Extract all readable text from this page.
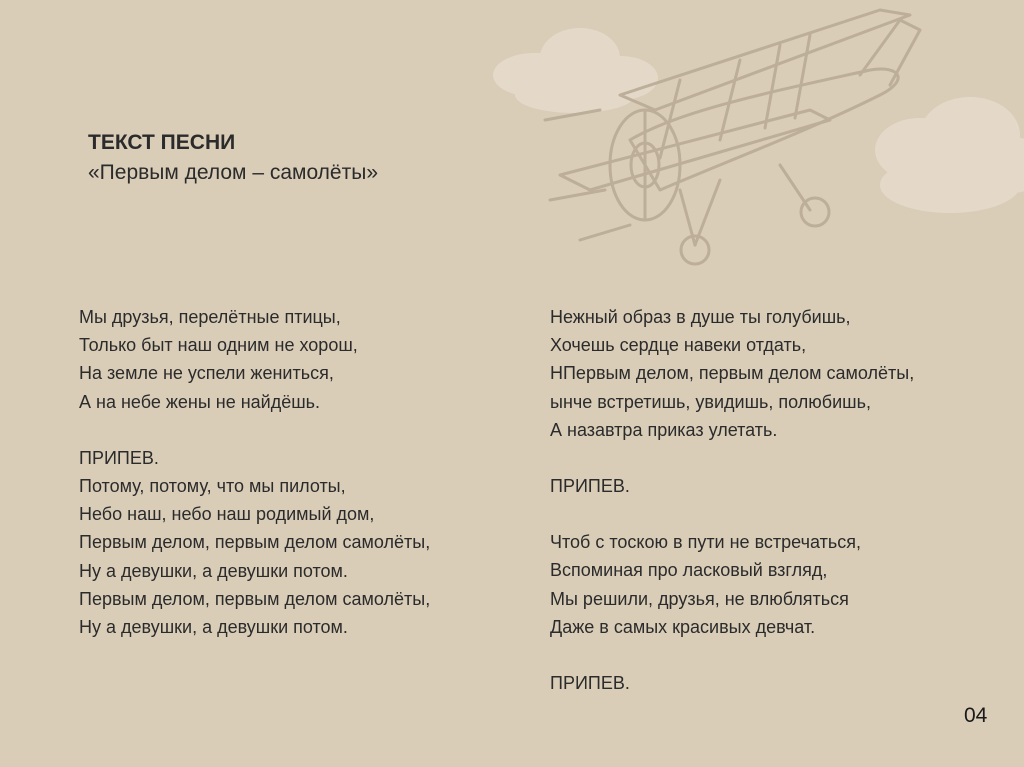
ТЕКСТ ПЕСНИ
«Первым делом – самолёты»
Мы друзья, перелётные птицы,
Только быт наш одним не хорош,
На земле не успели жениться,
А на небе жены не найдёшь.
ПРИПЕВ.
Потому, потому, что мы пилоты,
Небо наш, небо наш родимый дом,
Первым делом, первым делом самолёты,
Ну а девушки, а девушки потом.
Первым делом, первым делом самолёты,
Ну а девушки, а девушки потом.
Нежный образ в душе ты голубишь,
Хочешь сердце навеки отдать,
НПервым делом, первым делом самолёты,
ынче встретишь, увидишь, полюбишь,
А назавтра приказ улетать.
ПРИПЕВ.
Чтоб с тоскою в пути не встречаться,
Вспоминая про ласковый взгляд,
Мы решили, друзья, не влюбляться
Даже в самых красивых девчат.
ПРИПЕВ.
04
